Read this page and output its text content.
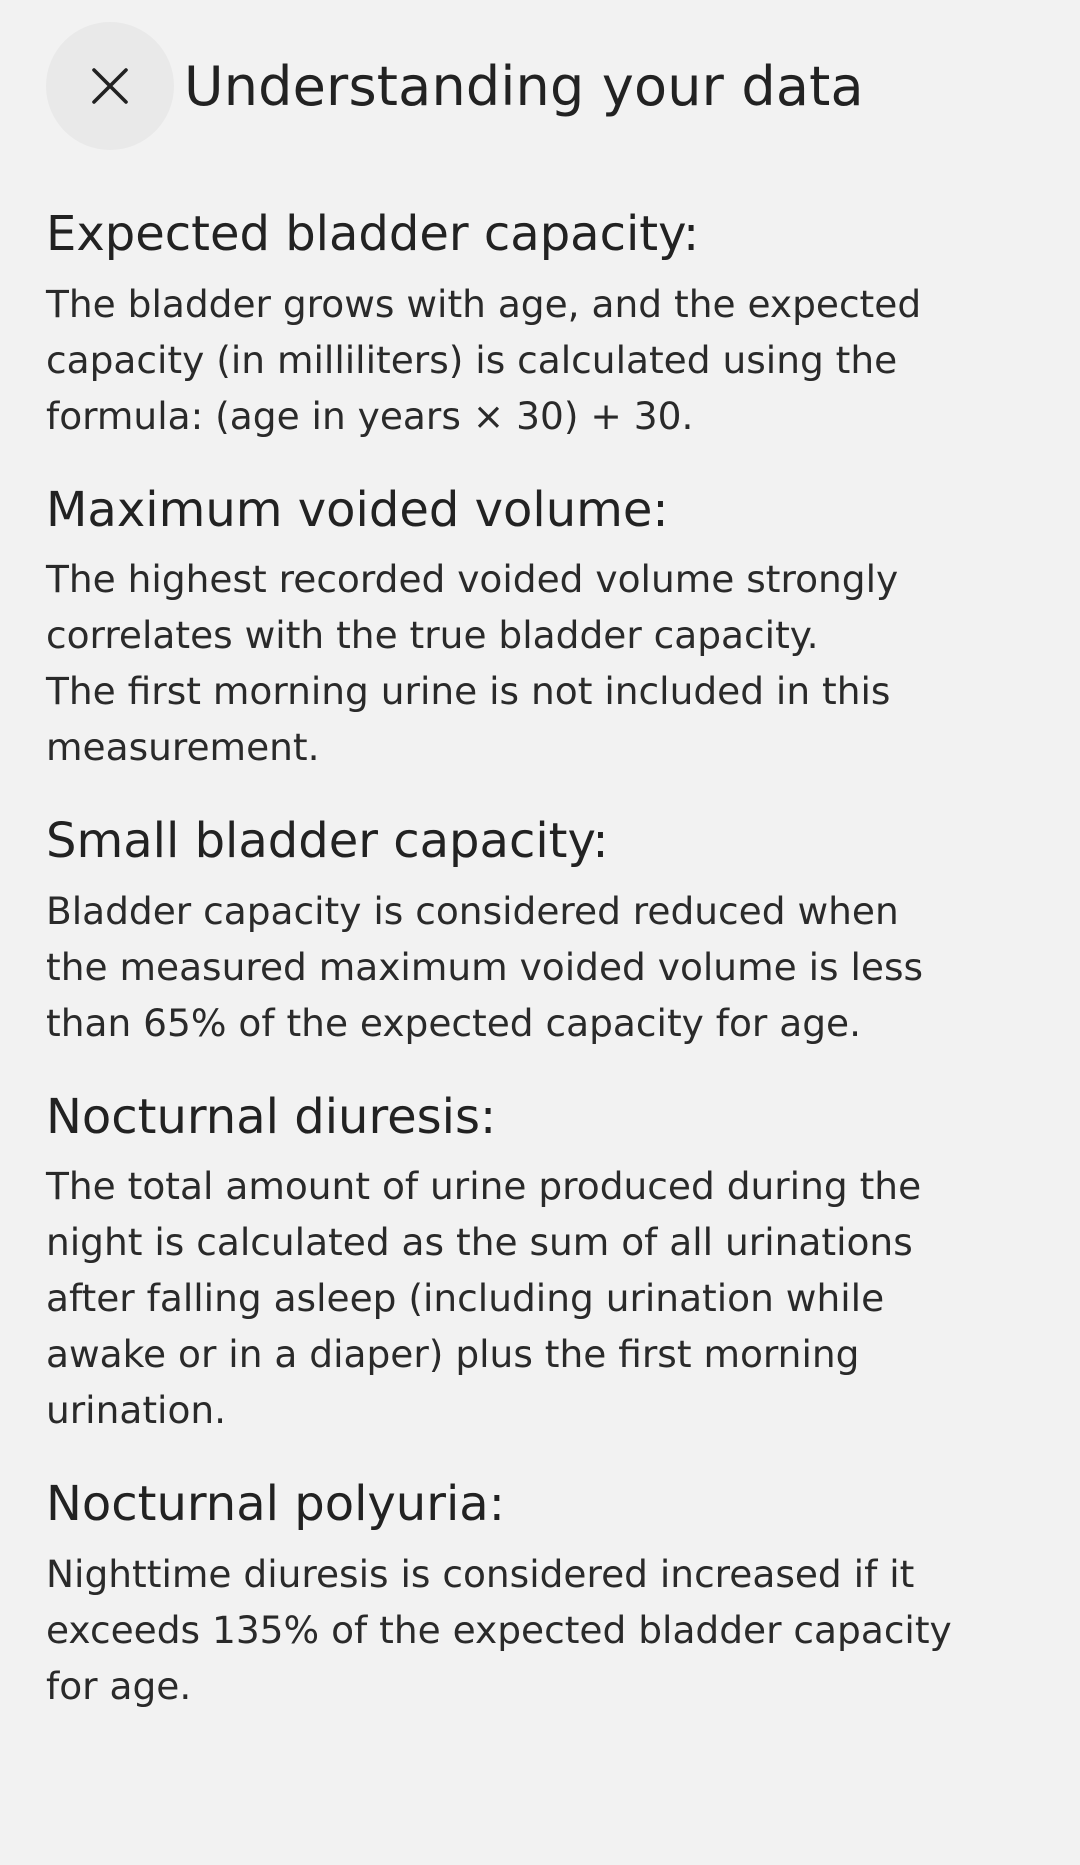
Understanding your data
Expected bladder capacity:

The bladder grows with age, and the expected
capacity (in milliliters) is calculated using the
formula: (age in years × 30) + 30.

Maximum voided volume:

The highest recorded voided volume strongly
correlates with the true bladder capacity.
The first morning urine is not included in this
measurement.

Small bladder capacity:

Bladder capacity is considered reduced when
the measured maximum voided volume is less
than 65% of the expected capacity for age.

Nocturnal diuresis:

The total amount of urine produced during the
night is calculated as the sum of all urinations
after falling asleep (including urination while
awake or in a diaper) plus the first morning
urination.

Nocturnal polyuria:

Nighttime diuresis is considered increased if it
exceeds 135% of the expected bladder capacity
for age.
